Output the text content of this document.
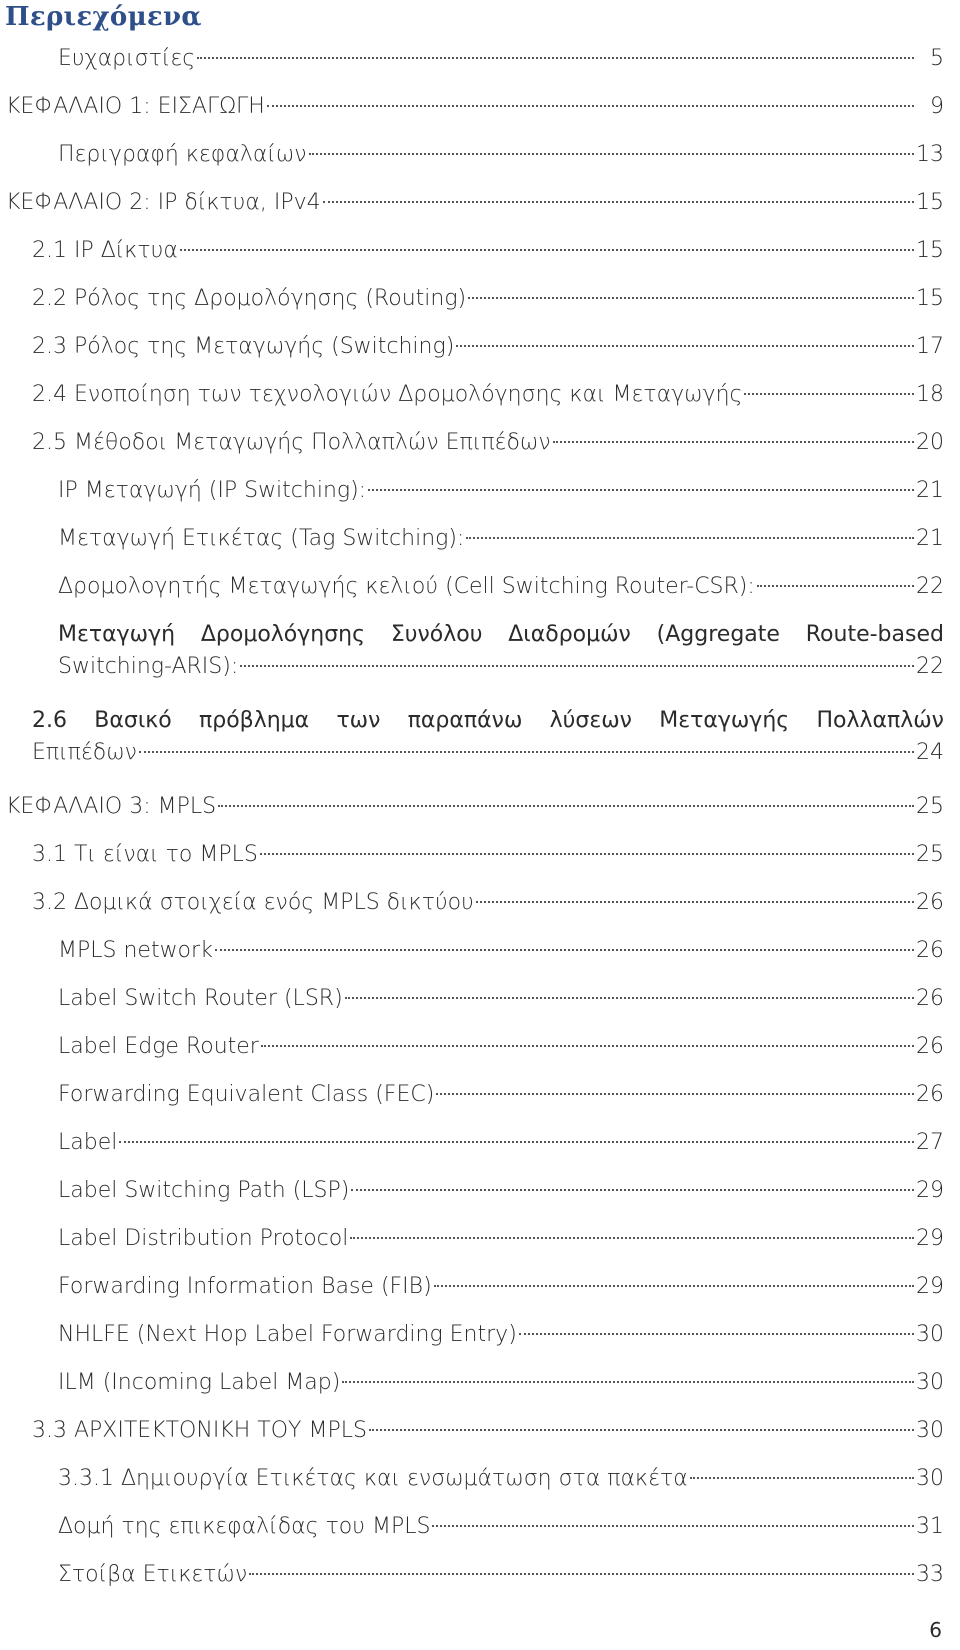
Περιεχόμενα
Ευχαριστίες	5
ΚΕΦΑΛΑΙΟ 1: ΕΙΣΑΓΩΓΗ	9
Περιγραφή κεφαλαίων	13
ΚΕΦΑΛΑΙΟ 2: IP δίκτυα, IPv4	15
2.1 IP Δίκτυα	15
2.2 Ρόλος της Δρομολόγησης (Routing)	15
2.3 Ρόλος της Μεταγωγής (Switching)	17
2.4 Ενοποίηση των τεχνολογιών Δρομολόγησης και Μεταγωγής	18
2.5 Μέθοδοι Μεταγωγής Πολλαπλών Επιπέδων	20
IP Μεταγωγή (IP Switching):	21
Μεταγωγή Ετικέτας (Tag Switching):	21
Δρομολογητής Μεταγωγής κελιού (Cell Switching Router-CSR):	22
Μεταγωγή Δρομολόγησης Συνόλου Διαδρομών (Aggregate Route-based
Switching-ARIS):	22
2.6 Βασικό πρόβλημα των παραπάνω λύσεων Μεταγωγής Πολλαπλών
Επιπέδων	24
ΚΕΦΑΛΑΙΟ 3: MPLS	25
3.1 Τι είναι το MPLS	25
3.2 Δομικά στοιχεία ενός MPLS δικτύου	26
MPLS network	26
Label Switch Router (LSR)	26
Label Edge Router	26
Forwarding Equivalent Class (FEC)	26
Label	27
Label Switching Path (LSP)	29
Label Distribution Protocol	29
Forwarding Information Base (FIB)	29
NHLFE (Next Hop Label Forwarding Entry)	30
ILM (Incoming Label Map)	30
3.3 ΑΡΧΙΤΕΚΤΟΝΙΚΗ ΤΟΥ MPLS	30
3.3.1 Δημιουργία Ετικέτας και ενσωμάτωση στα πακέτα	30
Δομή της επικεφαλίδας του MPLS	31
Στοίβα Ετικετών	33
6
